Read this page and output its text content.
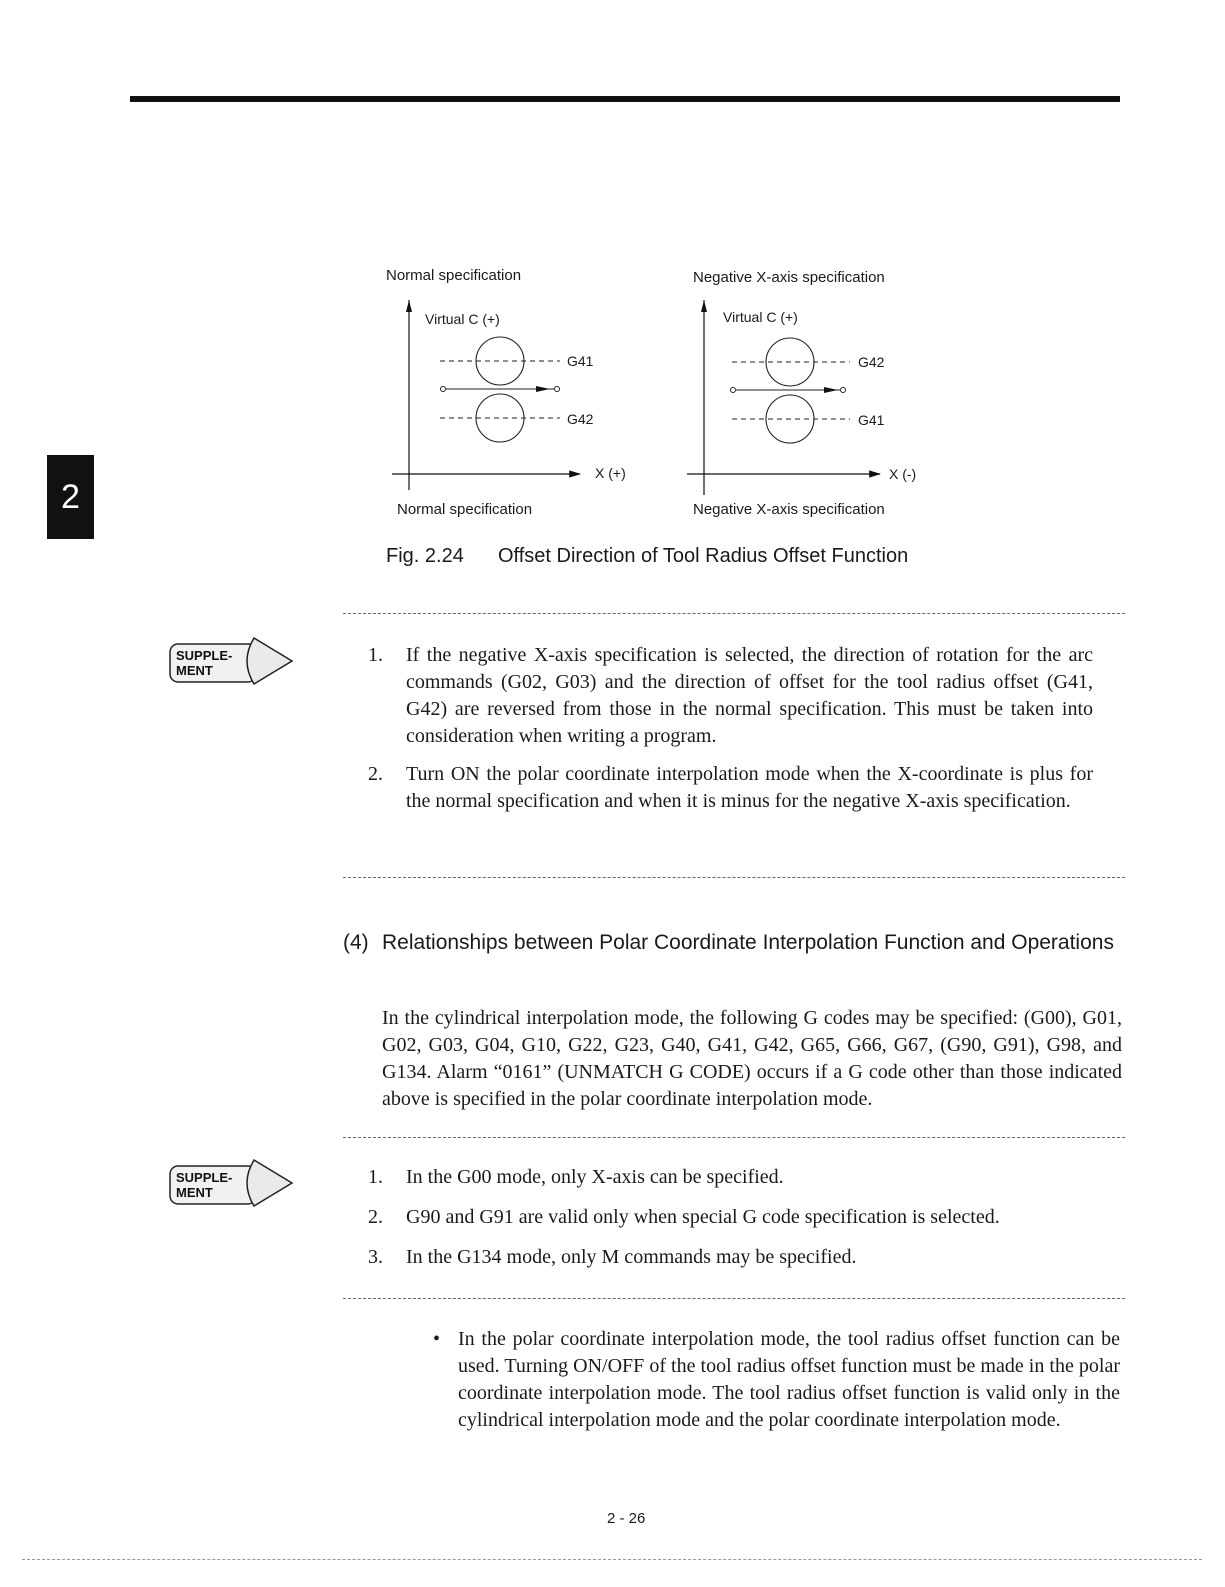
2
Normal specification	Negative X-axis specification
Virtual C (+)
G41
G42
X (+)
Normal specification
Virtual C (+)
G42
G41
X (-)
Negative X-axis specification
Fig. 2.24 Offset Direction of Tool Radius Offset Function
SUPPLE-
MENT
1.	If the negative X-axis specification is selected, the direction of rotation for the arc commands (G02, G03) and the direction of offset for the tool radius offset (G41, G42) are reversed from those in the normal specification. This must be taken into consideration when writing a program.
2.	Turn ON the polar coordinate interpolation mode when the X-coordinate is plus for the normal specification and when it is minus for the negative X-axis specification.
(4) Relationships between Polar Coordinate Interpolation Function and Operations
In the cylindrical interpolation mode, the following G codes may be specified: (G00), G01, G02, G03, G04, G10, G22, G23, G40, G41, G42, G65, G66, G67, (G90, G91), G98, and G134. Alarm “0161” (UNMATCH G CODE) occurs if a G code other than those indicated above is specified in the polar coordinate interpolation mode.
SUPPLE-
MENT
1.	In the G00 mode, only X-axis can be specified.
2.	G90 and G91 are valid only when special G code specification is selected.
3.	In the G134 mode, only M commands may be specified.
• In the polar coordinate interpolation mode, the tool radius offset function can be used. Turning ON/OFF of the tool radius offset function must be made in the polar coordinate interpolation mode. The tool radius offset function is valid only in the cylindrical interpolation mode and the polar coordinate interpolation mode.
2 - 26
